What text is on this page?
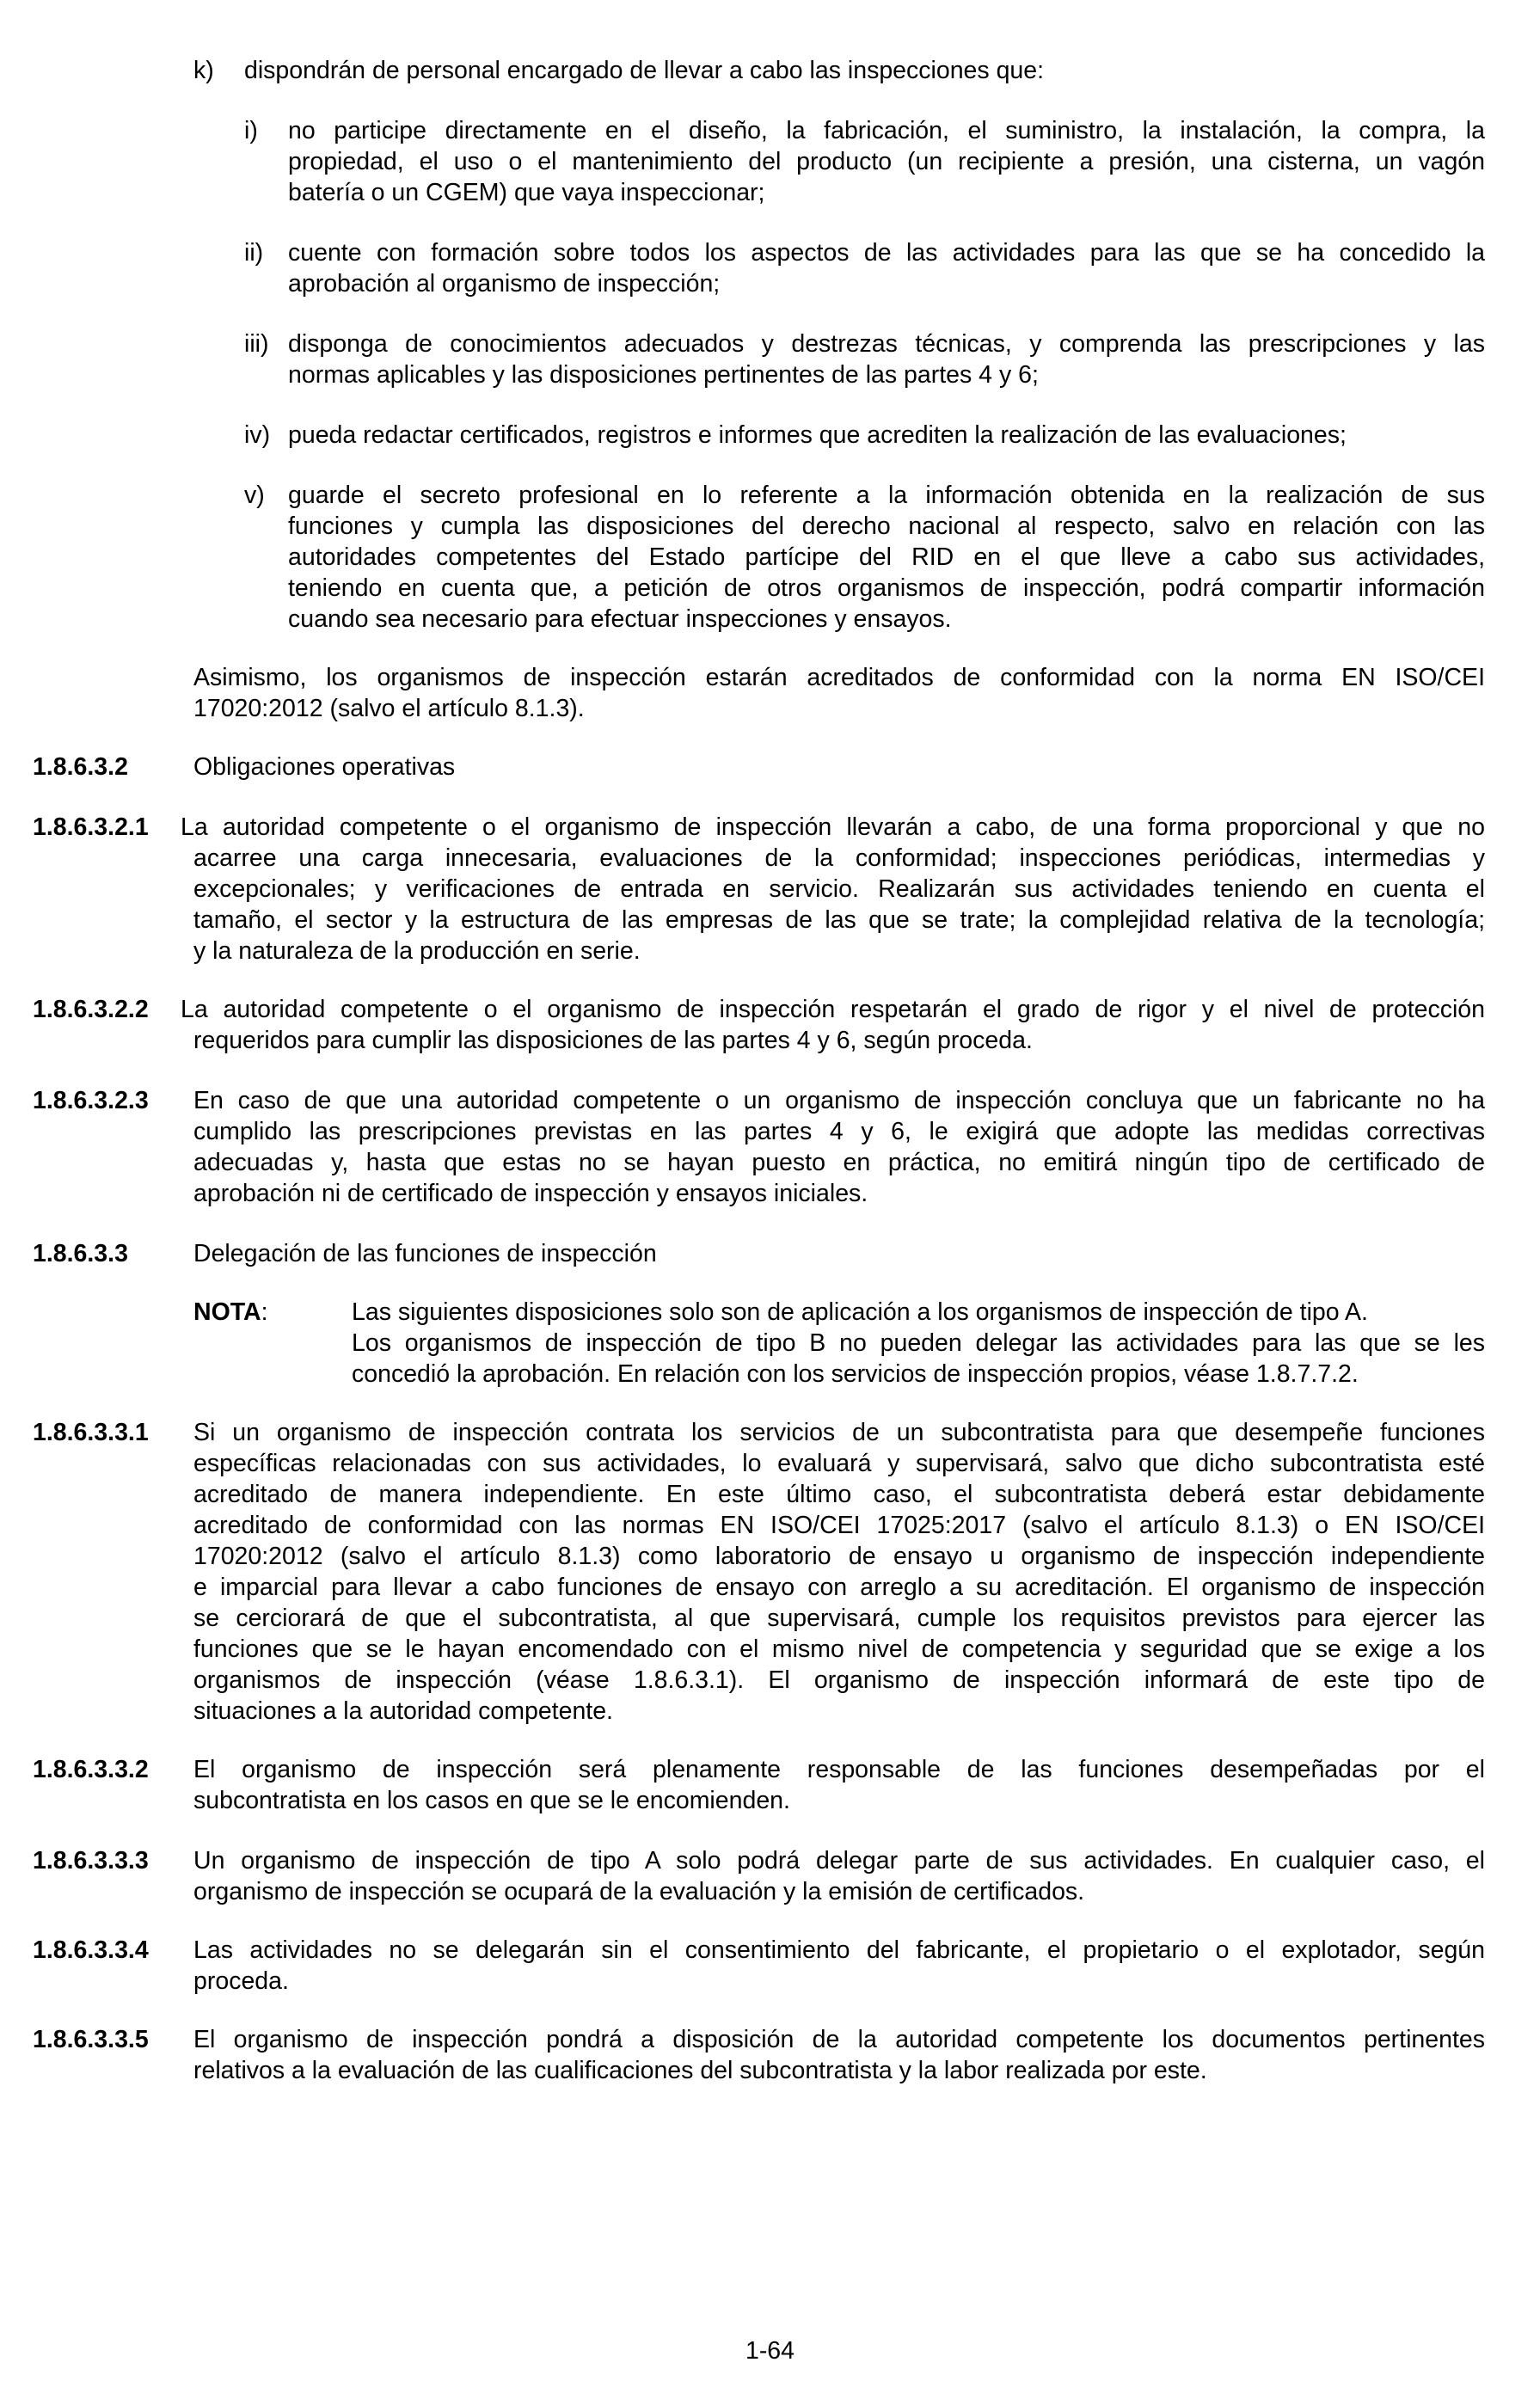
k) dispondrán de personal encargado de llevar a cabo las inspecciones que:
i) no participe directamente en el diseño, la fabricación, el suministro, la instalación, la compra, la
propiedad, el uso o el mantenimiento del producto (un recipiente a presión, una cisterna, un vagón
batería o un CGEM) que vaya inspeccionar;
ii) cuente con formación sobre todos los aspectos de las actividades para las que se ha concedido la
aprobación al organismo de inspección;
iii) disponga de conocimientos adecuados y destrezas técnicas, y comprenda las prescripciones y las
normas aplicables y las disposiciones pertinentes de las partes 4 y 6;
iv) pueda redactar certificados, registros e informes que acrediten la realización de las evaluaciones;
v) guarde el secreto profesional en lo referente a la información obtenida en la realización de sus
funciones y cumpla las disposiciones del derecho nacional al respecto, salvo en relación con las
autoridades competentes del Estado partícipe del RID en el que lleve a cabo sus actividades,
teniendo en cuenta que, a petición de otros organismos de inspección, podrá compartir información
cuando sea necesario para efectuar inspecciones y ensayos.
Asimismo, los organismos de inspección estarán acreditados de conformidad con la norma EN ISO/CEI
17020:2012 (salvo el artículo 8.1.3).
1.8.6.3.2	Obligaciones operativas
1.8.6.3.2.1 La autoridad competente o el organismo de inspección llevarán a cabo, de una forma proporcional y que no
acarree una carga innecesaria, evaluaciones de la conformidad; inspecciones periódicas, intermedias y
excepcionales; y verificaciones de entrada en servicio. Realizarán sus actividades teniendo en cuenta el
tamaño, el sector y la estructura de las empresas de las que se trate; la complejidad relativa de la tecnología;
y la naturaleza de la producción en serie.
1.8.6.3.2.2 La autoridad competente o el organismo de inspección respetarán el grado de rigor y el nivel de protección
requeridos para cumplir las disposiciones de las partes 4 y 6, según proceda.
1.8.6.3.2.3 En caso de que una autoridad competente o un organismo de inspección concluya que un fabricante no ha
cumplido las prescripciones previstas en las partes 4 y 6, le exigirá que adopte las medidas correctivas
adecuadas y, hasta que estas no se hayan puesto en práctica, no emitirá ningún tipo de certificado de
aprobación ni de certificado de inspección y ensayos iniciales.
1.8.6.3.3	Delegación de las funciones de inspección
NOTA:	Las siguientes disposiciones solo son de aplicación a los organismos de inspección de tipo A.
Los organismos de inspección de tipo B no pueden delegar las actividades para las que se les
concedió la aprobación. En relación con los servicios de inspección propios, véase 1.8.7.7.2.
1.8.6.3.3.1 Si un organismo de inspección contrata los servicios de un subcontratista para que desempeñe funciones
específicas relacionadas con sus actividades, lo evaluará y supervisará, salvo que dicho subcontratista esté
acreditado de manera independiente. En este último caso, el subcontratista deberá estar debidamente
acreditado de conformidad con las normas EN ISO/CEI 17025:2017 (salvo el artículo 8.1.3) o EN ISO/CEI
17020:2012 (salvo el artículo 8.1.3) como laboratorio de ensayo u organismo de inspección independiente
e imparcial para llevar a cabo funciones de ensayo con arreglo a su acreditación. El organismo de inspección
se cerciorará de que el subcontratista, al que supervisará, cumple los requisitos previstos para ejercer las
funciones que se le hayan encomendado con el mismo nivel de competencia y seguridad que se exige a los
organismos de inspección (véase 1.8.6.3.1). El organismo de inspección informará de este tipo de
situaciones a la autoridad competente.
1.8.6.3.3.2 El organismo de inspección será plenamente responsable de las funciones desempeñadas por el
subcontratista en los casos en que se le encomienden.
1.8.6.3.3.3 Un organismo de inspección de tipo A solo podrá delegar parte de sus actividades. En cualquier caso, el
organismo de inspección se ocupará de la evaluación y la emisión de certificados.
1.8.6.3.3.4 Las actividades no se delegarán sin el consentimiento del fabricante, el propietario o el explotador, según
proceda.
1.8.6.3.3.5 El organismo de inspección pondrá a disposición de la autoridad competente los documentos pertinentes
relativos a la evaluación de las cualificaciones del subcontratista y la labor realizada por este.
1-64
